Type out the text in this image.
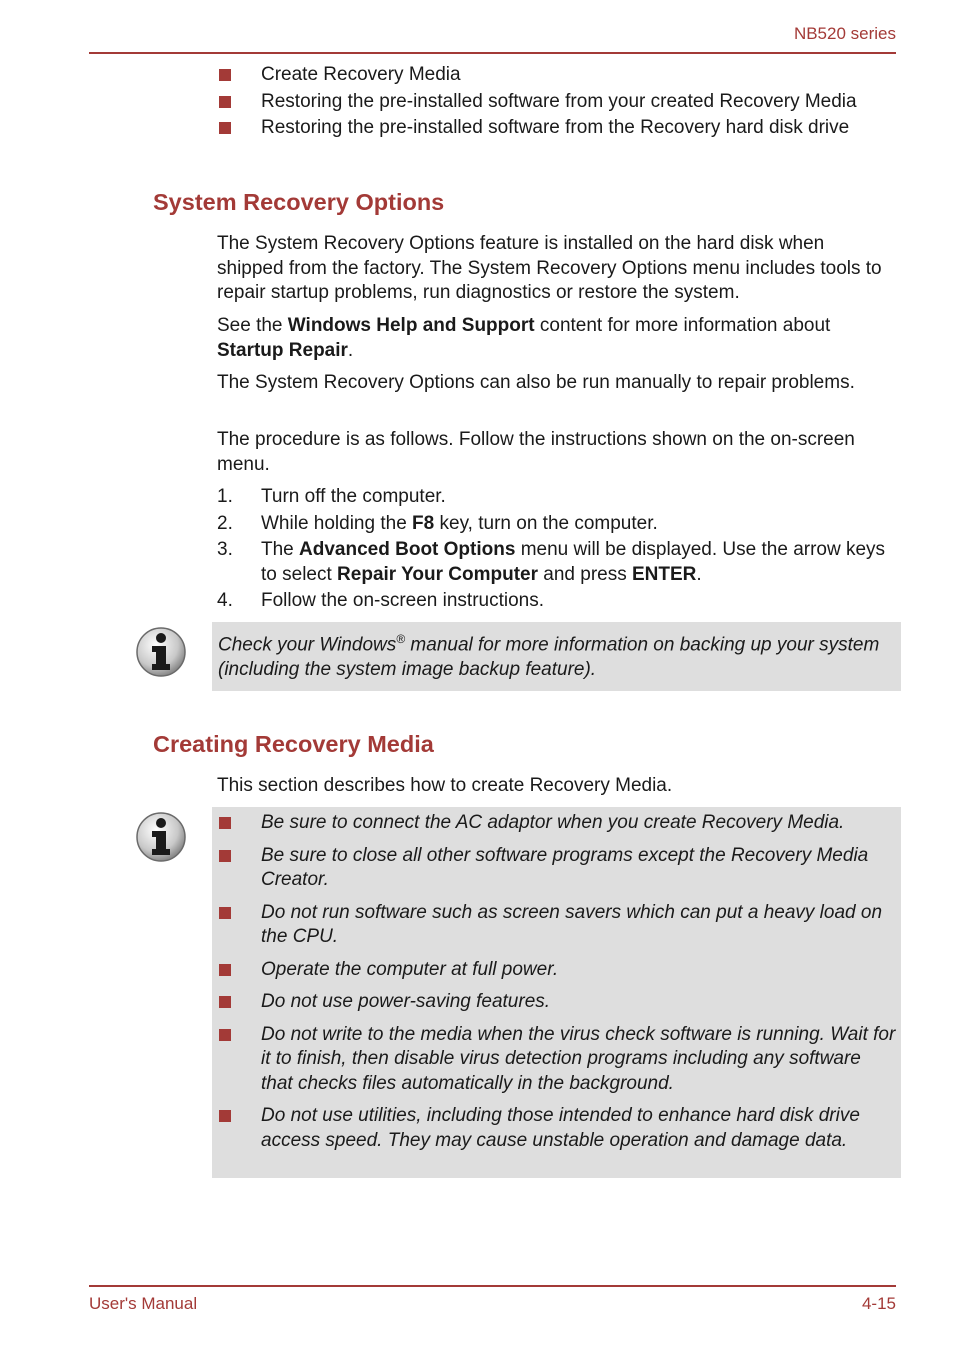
NB520 series
Create Recovery Media
Restoring the pre-installed software from your created Recovery Media
Restoring the pre-installed software from the Recovery hard disk drive
System Recovery Options

The System Recovery Options feature is installed on the hard disk when shipped from the factory. The System Recovery Options menu includes tools to repair startup problems, run diagnostics or restore the system.

See the Windows Help and Support content for more information about Startup Repair.

The System Recovery Options can also be run manually to repair problems.

The procedure is as follows. Follow the instructions shown on the on-screen menu.

1. Turn off the computer.
2. While holding the F8 key, turn on the computer.
3. The Advanced Boot Options menu will be displayed. Use the arrow keys to select Repair Your Computer and press ENTER.
4. Follow the on-screen instructions.

Check your Windows® manual for more information on backing up your system (including the system image backup feature).

Creating Recovery Media

This section describes how to create Recovery Media.

Be sure to connect the AC adaptor when you create Recovery Media.
Be sure to close all other software programs except the Recovery Media Creator.
Do not run software such as screen savers which can put a heavy load on the CPU.
Operate the computer at full power.
Do not use power-saving features.
Do not write to the media when the virus check software is running. Wait for it to finish, then disable virus detection programs including any software that checks files automatically in the background.
Do not use utilities, including those intended to enhance hard disk drive access speed. They may cause unstable operation and damage data.
User's Manual	4-15
